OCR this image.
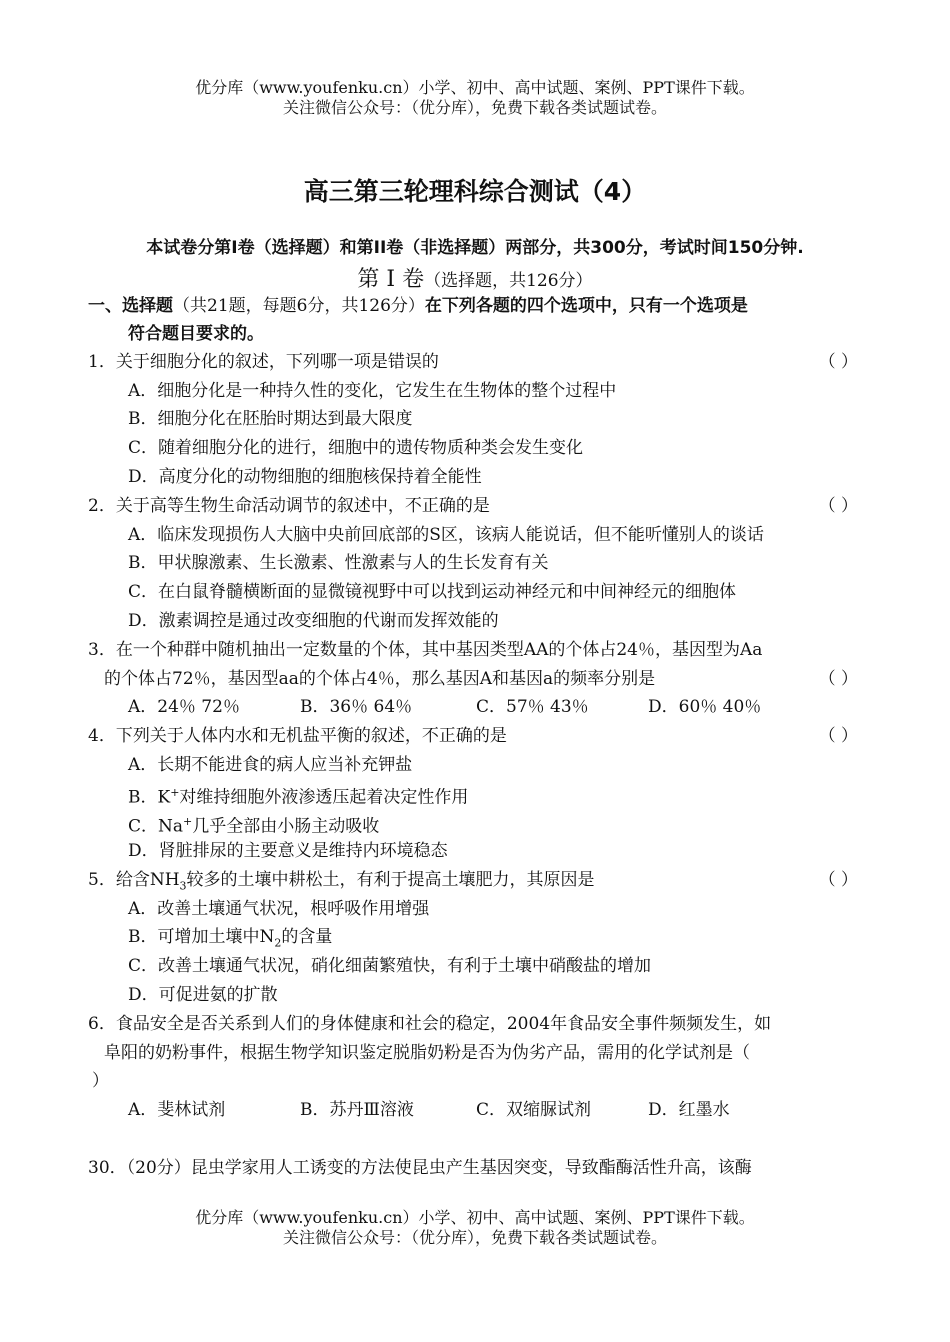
优分库（www.youfenku.cn）小学、初中、高中试题、案例、PPT课件下载。
关注微信公众号：（优分库），免费下载各类试题试卷。
高三第三轮理科综合测试（4）
本试卷分第I卷（选择题）和第II卷（非选择题）两部分，共300分，考试时间150分钟.
第 I 卷（选择题，共126分）
一、选择题（共21题，每题6分，共126分）在下列各题的四个选项中，只有一个选项是
符合题目要求的。
1．关于细胞分化的叙述，下列哪一项是错误的	（ ）
A．细胞分化是一种持久性的变化，它发生在生物体的整个过程中
B．细胞分化在胚胎时期达到最大限度
C．随着细胞分化的进行，细胞中的遗传物质种类会发生变化
D．高度分化的动物细胞的细胞核保持着全能性
2．关于高等生物生命活动调节的叙述中，不正确的是	（ ）
A．临床发现损伤人大脑中央前回底部的S区，该病人能说话，但不能听懂别人的谈话
B．甲状腺激素、生长激素、性激素与人的生长发育有关
C．在白鼠脊髓横断面的显微镜视野中可以找到运动神经元和中间神经元的细胞体
D．激素调控是通过改变细胞的代谢而发挥效能的
3．在一个种群中随机抽出一定数量的个体，其中基因类型AA的个体占24％，基因型为Aa
的个体占72％，基因型aa的个体占4％，那么基因A和基因a的频率分别是	（ ）
A．24％ 72％	B．36％ 64％	C．57％ 43％	D．60％ 40％
4．下列关于人体内水和无机盐平衡的叙述，不正确的是	（ ）
A．长期不能进食的病人应当补充钾盐
B．K+对维持细胞外液渗透压起着决定性作用
C．Na+几乎全部由小肠主动吸收
D．肾脏排尿的主要意义是维持内环境稳态
5．给含$NH_3$较多的土壤中耕松土，有利于提高土壤肥力，其原因是	（ ）
A．改善土壤通气状况，根呼吸作用增强
B．可增加土壤中$N_2$的含量
C．改善土壤通气状况，硝化细菌繁殖快，有利于土壤中硝酸盐的增加
D．可促进氨的扩散
6．食品安全是否关系到人们的身体健康和社会的稳定，2004年食品安全事件频频发生，如
阜阳的奶粉事件，根据生物学知识鉴定脱脂奶粉是否为伪劣产品，需用的化学试剂是（
）
A．斐林试剂	B．苏丹Ⅲ溶液	C．双缩脲试剂	D．红墨水
30．（20分）昆虫学家用人工诱变的方法使昆虫产生基因突变，导致酯酶活性升高，该酶
优分库（www.youfenku.cn）小学、初中、高中试题、案例、PPT课件下载。
关注微信公众号：（优分库），免费下载各类试题试卷。
